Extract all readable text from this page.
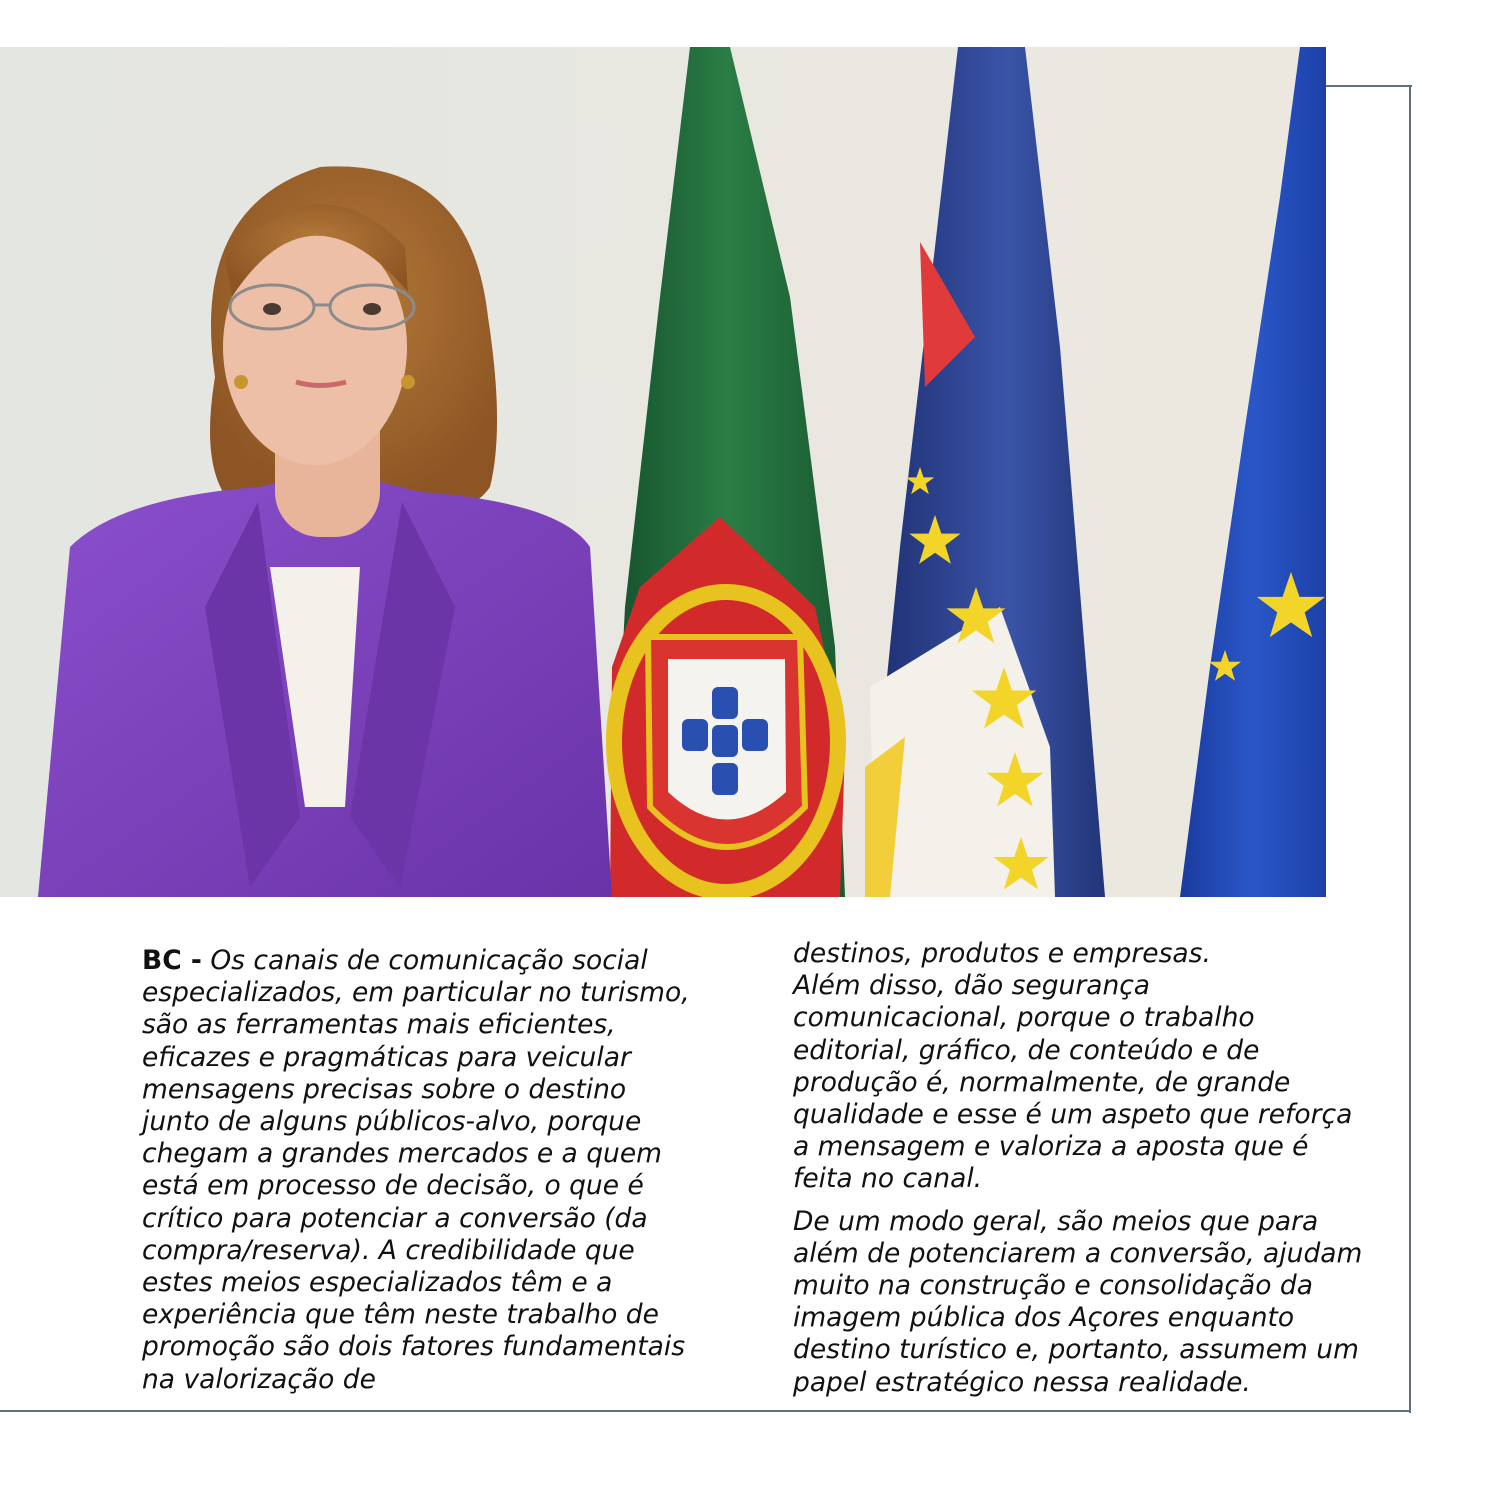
BC - Os canais de comunicação social especializados, em particular no turismo, são as ferramentas mais eficientes, eficazes e pragmáticas para veicular mensagens precisas sobre o destino junto de alguns públicos-alvo, porque chegam a grandes mercados e a quem está em processo de decisão, o que é crítico para potenciar a conversão (da compra/reserva). A credibilidade que estes meios especializados têm e a experiência que têm neste trabalho de promoção são dois fatores fundamentais na valorização de

destinos, produtos e empresas.

Além disso, dão segurança comunicacional, porque o trabalho editorial, gráfico, de conteúdo e de produção é, normalmente, de grande qualidade e esse é um aspeto que reforça a mensagem e valoriza a aposta que é feita no canal.

De um modo geral, são meios que para além de potenciarem a conversão, ajudam muito na construção e consolidação da imagem pública dos Açores enquanto destino turístico e, portanto, assumem um papel estratégico nessa realidade.
